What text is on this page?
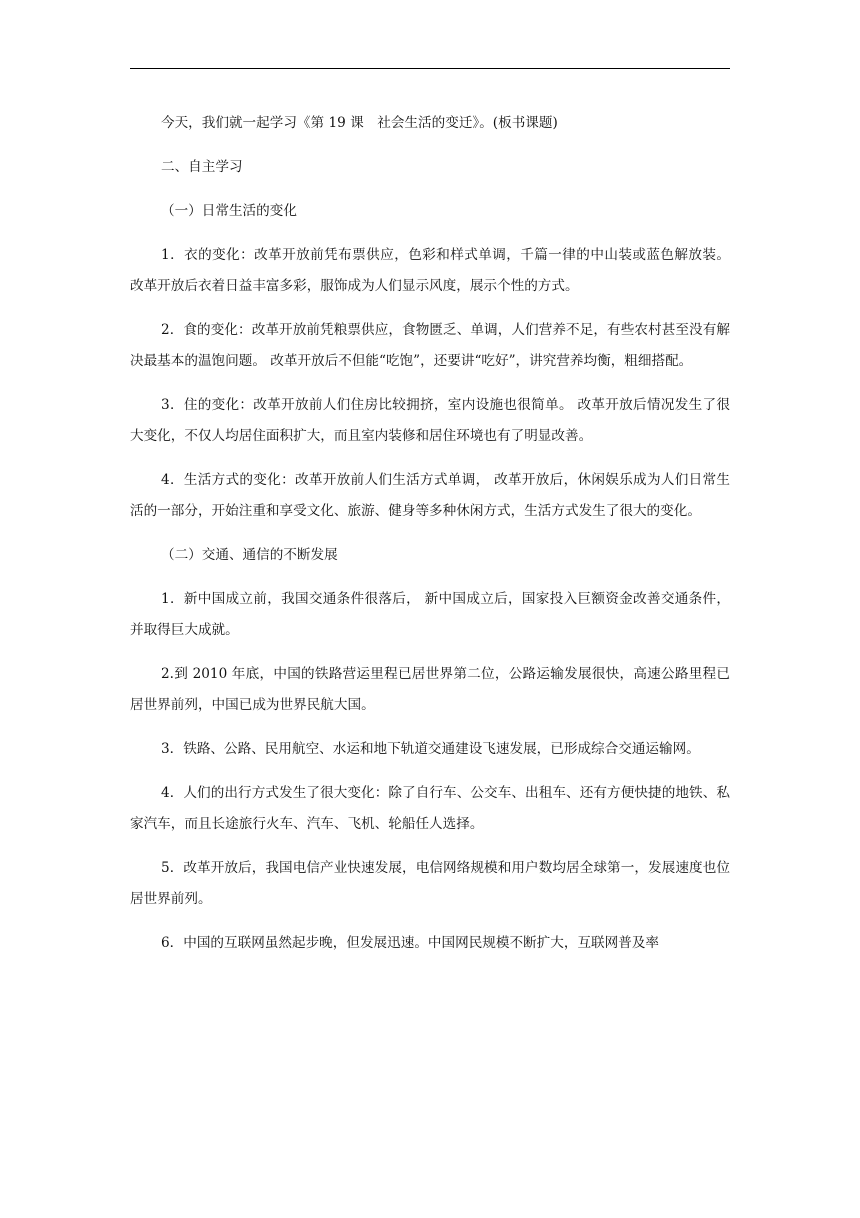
今天，我们就一起学习《第 19 课　社会生活的变迁》。(板书课题)

二、自主学习

（一）日常生活的变化

1．衣的变化：改革开放前凭布票供应，色彩和样式单调，千篇一律的中山装或蓝色解放装。 改革开放后衣着日益丰富多彩，服饰成为人们显示风度，展示个性的方式。

2．食的变化：改革开放前凭粮票供应，食物匮乏、单调，人们营养不足，有些农村甚至没有解决最基本的温饱问题。 改革开放后不但能“吃饱”，还要讲“吃好”，讲究营养均衡，粗细搭配。

3．住的变化：改革开放前人们住房比较拥挤，室内设施也很简单。 改革开放后情况发生了很大变化，不仅人均居住面积扩大，而且室内装修和居住环境也有了明显改善。

4．生活方式的变化：改革开放前人们生活方式单调， 改革开放后，休闲娱乐成为人们日常生活的一部分，开始注重和享受文化、旅游、健身等多种休闲方式，生活方式发生了很大的变化。

（二）交通、通信的不断发展

1．新中国成立前，我国交通条件很落后， 新中国成立后，国家投入巨额资金改善交通条件，并取得巨大成就。

2.到 2010 年底，中国的铁路营运里程已居世界第二位，公路运输发展很快，高速公路里程已居世界前列，中国已成为世界民航大国。

3．铁路、公路、民用航空、水运和地下轨道交通建设飞速发展，已形成综合交通运输网。

4．人们的出行方式发生了很大变化：除了自行车、公交车、出租车、还有方便快捷的地铁、私家汽车，而且长途旅行火车、汽车、飞机、轮船任人选择。

5．改革开放后，我国电信产业快速发展，电信网络规模和用户数均居全球第一，发展速度也位居世界前列。

6．中国的互联网虽然起步晚，但发展迅速。中国网民规模不断扩大，互联网普及率
